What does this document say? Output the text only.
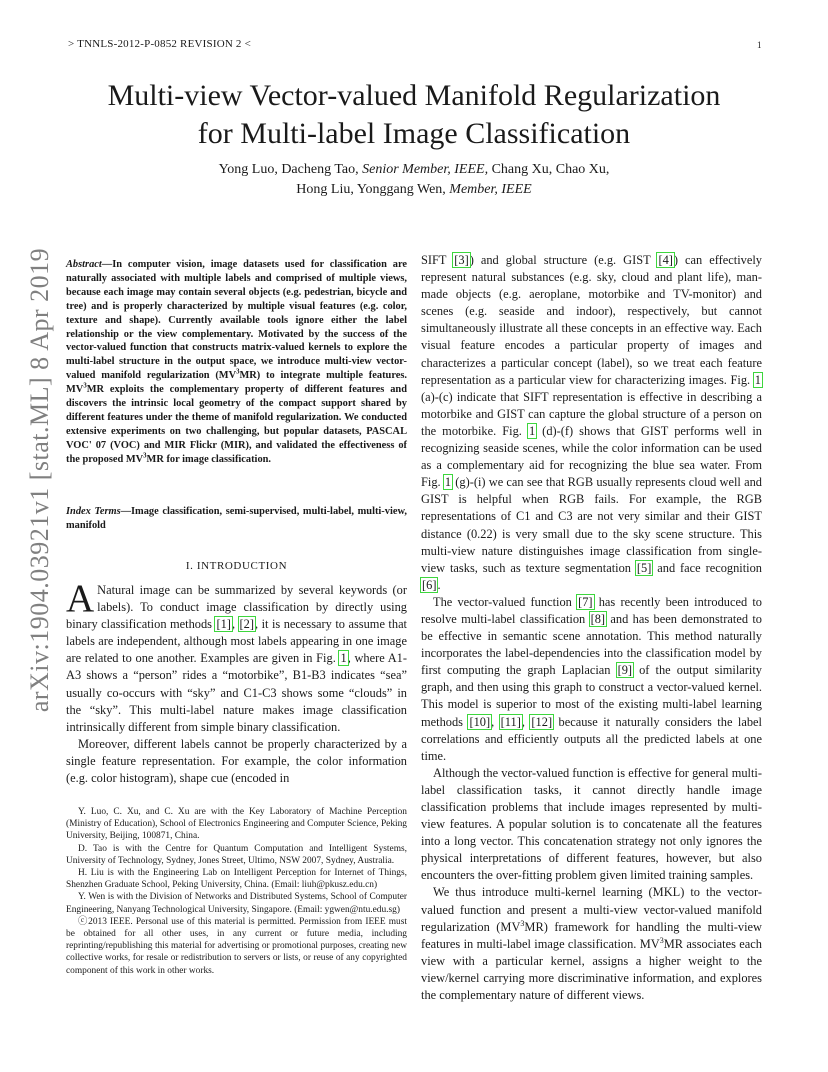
> TNNLS-2012-P-0852 REVISION 2 <	1
Multi-view Vector-valued Manifold Regularization
for Multi-label Image Classification
Yong Luo, Dacheng Tao, Senior Member, IEEE, Chang Xu, Chao Xu,
Hong Liu, Yonggang Wen, Member, IEEE
arXiv:1904.03921v1 [stat.ML] 8 Apr 2019 Abstract—In computer vision, image datasets used for classification are naturally associated with multiple labels and comprised of multiple views, because each image may contain several objects (e.g. pedestrian, bicycle and tree) and is properly characterized by multiple visual features (e.g. color, texture and shape). Currently available tools ignore either the label relationship or the view complementary. Motivated by the success of the vector-valued function that constructs matrix-valued kernels to explore the multi-label structure in the output space, we introduce multi-view vector-valued manifold regularization $(MV^3MR)$ to integrate multiple features. $MV^3MR$ exploits the complementary property of different features and discovers the intrinsic local geometry of the compact support shared by different features under the theme of manifold regularization. We conducted extensive experiments on two challenging, but popular datasets, PASCAL VOC' 07 (VOC) and MIR Flickr (MIR), and validated the effectiveness of the proposed $MV^3MR$ for image classification.
Index Terms—Image classification, semi-supervised, multi-label, multi-view, manifold
I. INTRODUCTION

A Natural image can be summarized by several keywords (or labels). To conduct image classification by directly using binary classification methods [1], [2], it is necessary to assume that labels are independent, although most labels appearing in one image are related to one another. Examples are given in Fig. 1, where A1-A3 shows a “person” rides a “motorbike”, B1-B3 indicates “sea” usually co-occurs with “sky” and C1-C3 shows some “clouds” in the “sky”. This multi-label nature makes image classification intrinsically different from simple binary classification.

Moreover, different labels cannot be properly characterized by a single feature representation. For example, the color information (e.g. color histogram), shape cue (encoded in

Y. Luo, C. Xu, and C. Xu are with the Key Laboratory of Machine Perception (Ministry of Education), School of Electronics Engineering and Computer Science, Peking University, Beijing, 100871, China.

D. Tao is with the Centre for Quantum Computation and Intelligent Systems, University of Technology, Sydney, Jones Street, Ultimo, NSW 2007, Sydney, Australia.

H. Liu is with the Engineering Lab on Intelligent Perception for Internet of Things, Shenzhen Graduate School, Peking University, China. (Email: liuh@pkusz.edu.cn)

Y. Wen is with the Division of Networks and Distributed Systems, School of Computer Engineering, Nanyang Technological University, Singapore. (Email: ygwen@ntu.edu.sg)

ⓒ2013 IEEE. Personal use of this material is permitted. Permission from IEEE must be obtained for all other uses, in any current or future media, including reprinting/republishing this material for advertising or promotional purposes, creating new collective works, for resale or redistribution to servers or lists, or reuse of any copyrighted component of this work in other works.

SIFT [3]) and global structure (e.g. GIST [4]) can effectively represent natural substances (e.g. sky, cloud and plant life), man-made objects (e.g. aeroplane, motorbike and TV-monitor) and scenes (e.g. seaside and indoor), respectively, but cannot simultaneously illustrate all these concepts in an effective way. Each visual feature encodes a particular property of images and characterizes a particular concept (label), so we treat each feature representation as a particular view for characterizing images. Fig. 1 (a)-(c) indicate that SIFT representation is effective in describing a motorbike and GIST can capture the global structure of a person on the motorbike. Fig. 1 (d)-(f) shows that GIST performs well in recognizing seaside scenes, while the color information can be used as a complementary aid for recognizing the blue sea water. From Fig. 1 (g)-(i) we can see that RGB usually represents cloud well and GIST is helpful when RGB fails. For example, the RGB representations of C1 and C3 are not very similar and their GIST distance (0.22) is very small due to the sky scene structure. This multi-view nature distinguishes image classification from single-view tasks, such as texture segmentation [5] and face recognition [6].

The vector-valued function [7] has recently been introduced to resolve multi-label classification [8] and has been demonstrated to be effective in semantic scene annotation. This method naturally incorporates the label-dependencies into the classification model by first computing the graph Laplacian [9] of the output similarity graph, and then using this graph to construct a vector-valued kernel. This model is superior to most of the existing multi-label learning methods [10], [11], [12] because it naturally considers the label correlations and efficiently outputs all the predicted labels at one time.

Although the vector-valued function is effective for general multi-label classification tasks, it cannot directly handle image classification problems that include images represented by multi-view features. A popular solution is to concatenate all the features into a long vector. This concatenation strategy not only ignores the physical interpretations of different features, however, but also encounters the over-fitting problem given limited training samples.

We thus introduce multi-kernel learning (MKL) to the vector-valued function and present a multi-view vector-valued manifold regularization $(MV^3MR)$ framework for handling the multi-view features in multi-label image classification. $MV^3MR$ associates each view with a particular kernel, assigns a higher weight to the view/kernel carrying more discriminative information, and explores the complementary nature of different views.
